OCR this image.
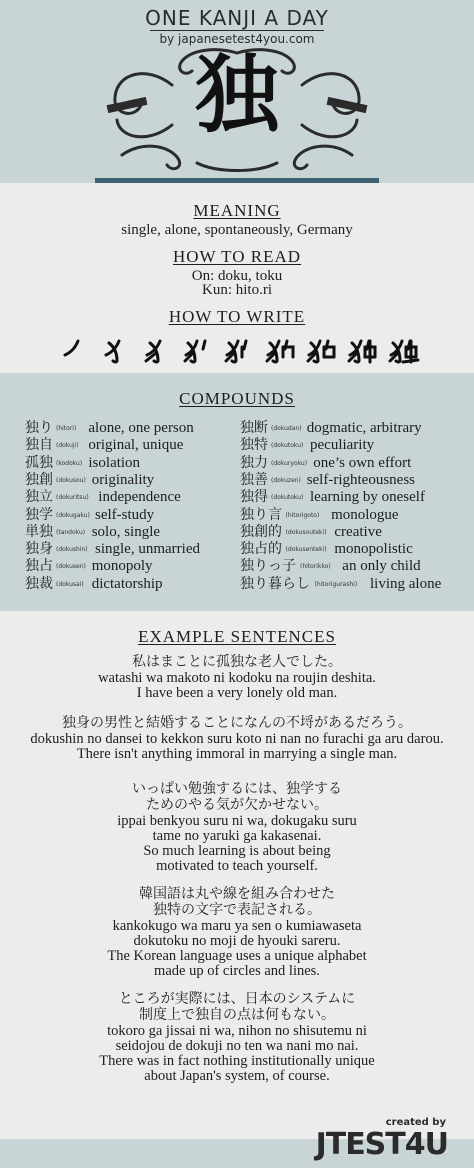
ONE KANJI A DAY
by japanesetest4you.com
独
MEANING
single, alone, spontaneously, Germany
HOW TO READ
On: doku, toku
Kun: hito.ri
HOW TO WRITE
COMPOUNDS
独り (hitori) alone, one person
独自 (dokuji) original, unique
孤独 (kodoku) isolation
独創 (dokusou) originality
独立 (dokuritsu) independence
独学 (dokugaku) self-study
単独 (tandoku) solo, single
独身 (dokushin) single, unmarried
独占 (dokusen) monopoly
独裁 (dokusai) dictatorship
独断 (dokudan) dogmatic, arbitrary
独特 (dokutoku) peculiarity
独力 (dokuryoku) one’s own effort
独善 (dokuzen) self-righteousness
独得 (dokutoku) learning by oneself
独り言 (hitorigoto) monologue
独創的 (dokusouteki) creative
独占的 (dokusenteki) monopolistic
独りっ子 (hitorikko) an only child
独り暮らし (hitorigurashi) living alone
EXAMPLE SENTENCES
私はまことに孤独な老人でした。
watashi wa makoto ni kodoku na roujin deshita.
I have been a very lonely old man.
独身の男性と結婚することになんの不埒があるだろう。
dokushin no dansei to kekkon suru koto ni nan no furachi ga aru darou.
There isn't anything immoral in marrying a single man.
いっぱい勉強するには、独学する
ためのやる気が欠かせない。
ippai benkyou suru ni wa, dokugaku suru
tame no yaruki ga kakasenai.
So much learning is about being
motivated to teach yourself.
韓国語は丸や線を組み合わせた
独特の文字で表記される。
kankokugo wa maru ya sen o kumiawaseta
dokutoku no moji de hyouki sareru.
The Korean language uses a unique alphabet
made up of circles and lines.
ところが実際には、日本のシステムに
制度上で独自の点は何もない。
tokoro ga jissai ni wa, nihon no shisutemu ni
seidojou de dokuji no ten wa nani mo nai.
There was in fact nothing institutionally unique
about Japan's system, of course.
created by
JTEST4U
